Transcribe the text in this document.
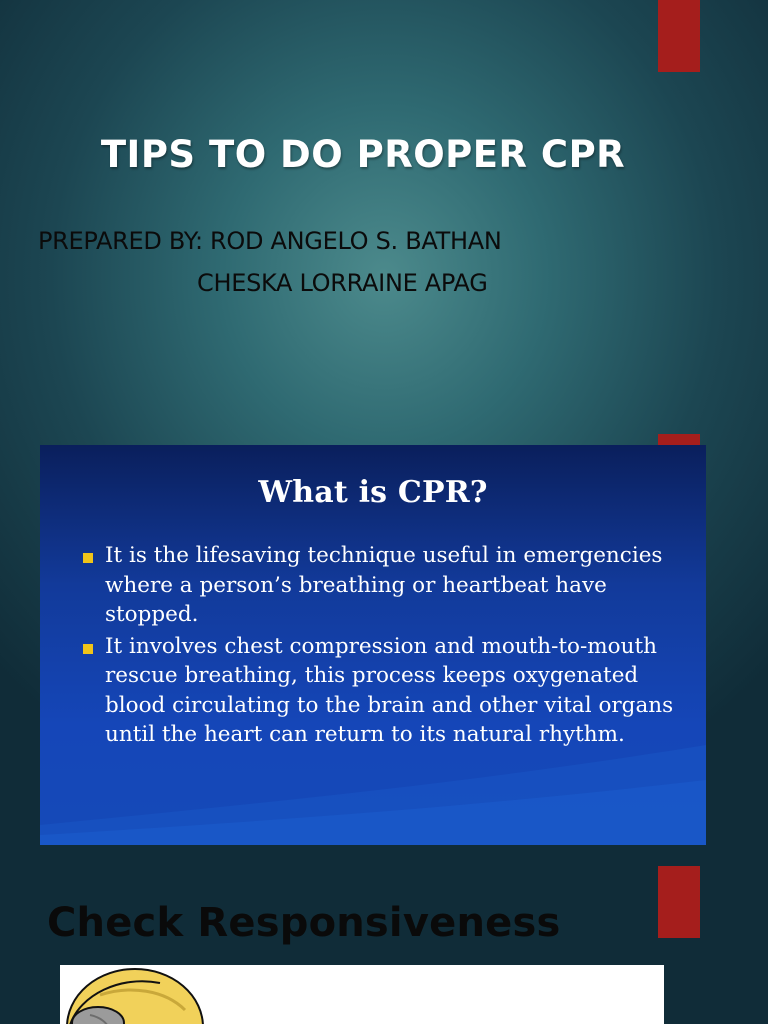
TIPS TO DO PROPER CPR
PREPARED BY: ROD ANGELO S. BATHAN
CHESKA LORRAINE APAG
What is CPR?
It is the lifesaving technique useful in emergencies where a person’s breathing or heartbeat have stopped.
It involves chest compression and mouth-to-mouth rescue breathing, this process keeps oxygenated blood circulating to the brain and other vital organs until the heart can return to its natural rhythm.
Check Responsiveness
